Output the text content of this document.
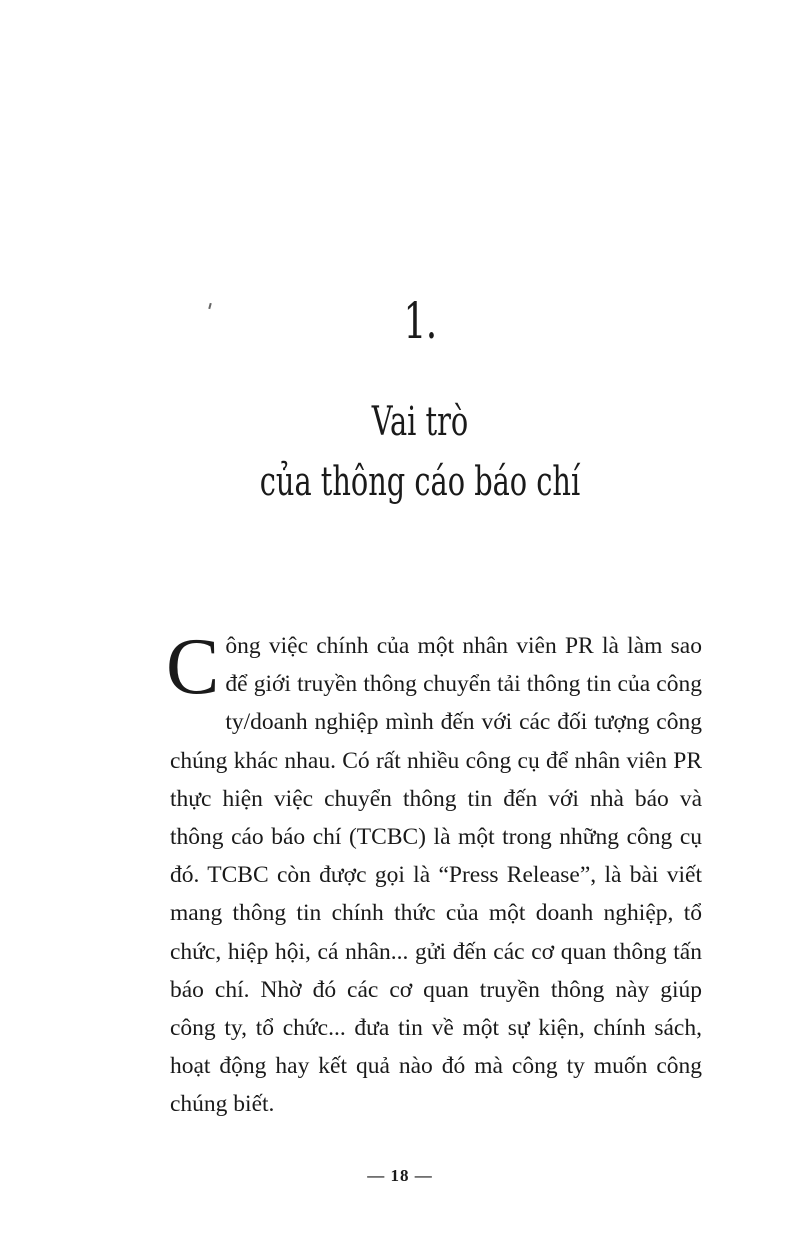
1.
Vai trò
của thông cáo báo chí

Công việc chính của một nhân viên PR là làm sao để giới truyền thông chuyển tải thông tin của công ty/doanh nghiệp mình đến với các đối tượng công chúng khác nhau. Có rất nhiều công cụ để nhân viên PR thực hiện việc chuyển thông tin đến với nhà báo và thông cáo báo chí (TCBC) là một trong những công cụ đó. TCBC còn được gọi là “Press Release”, là bài viết mang thông tin chính thức của một doanh nghiệp, tổ chức, hiệp hội, cá nhân... gửi đến các cơ quan thông tấn báo chí. Nhờ đó các cơ quan truyền thông này giúp công ty, tổ chức... đưa tin về một sự kiện, chính sách, hoạt động hay kết quả nào đó mà công ty muốn công chúng biết.

— 18 —
